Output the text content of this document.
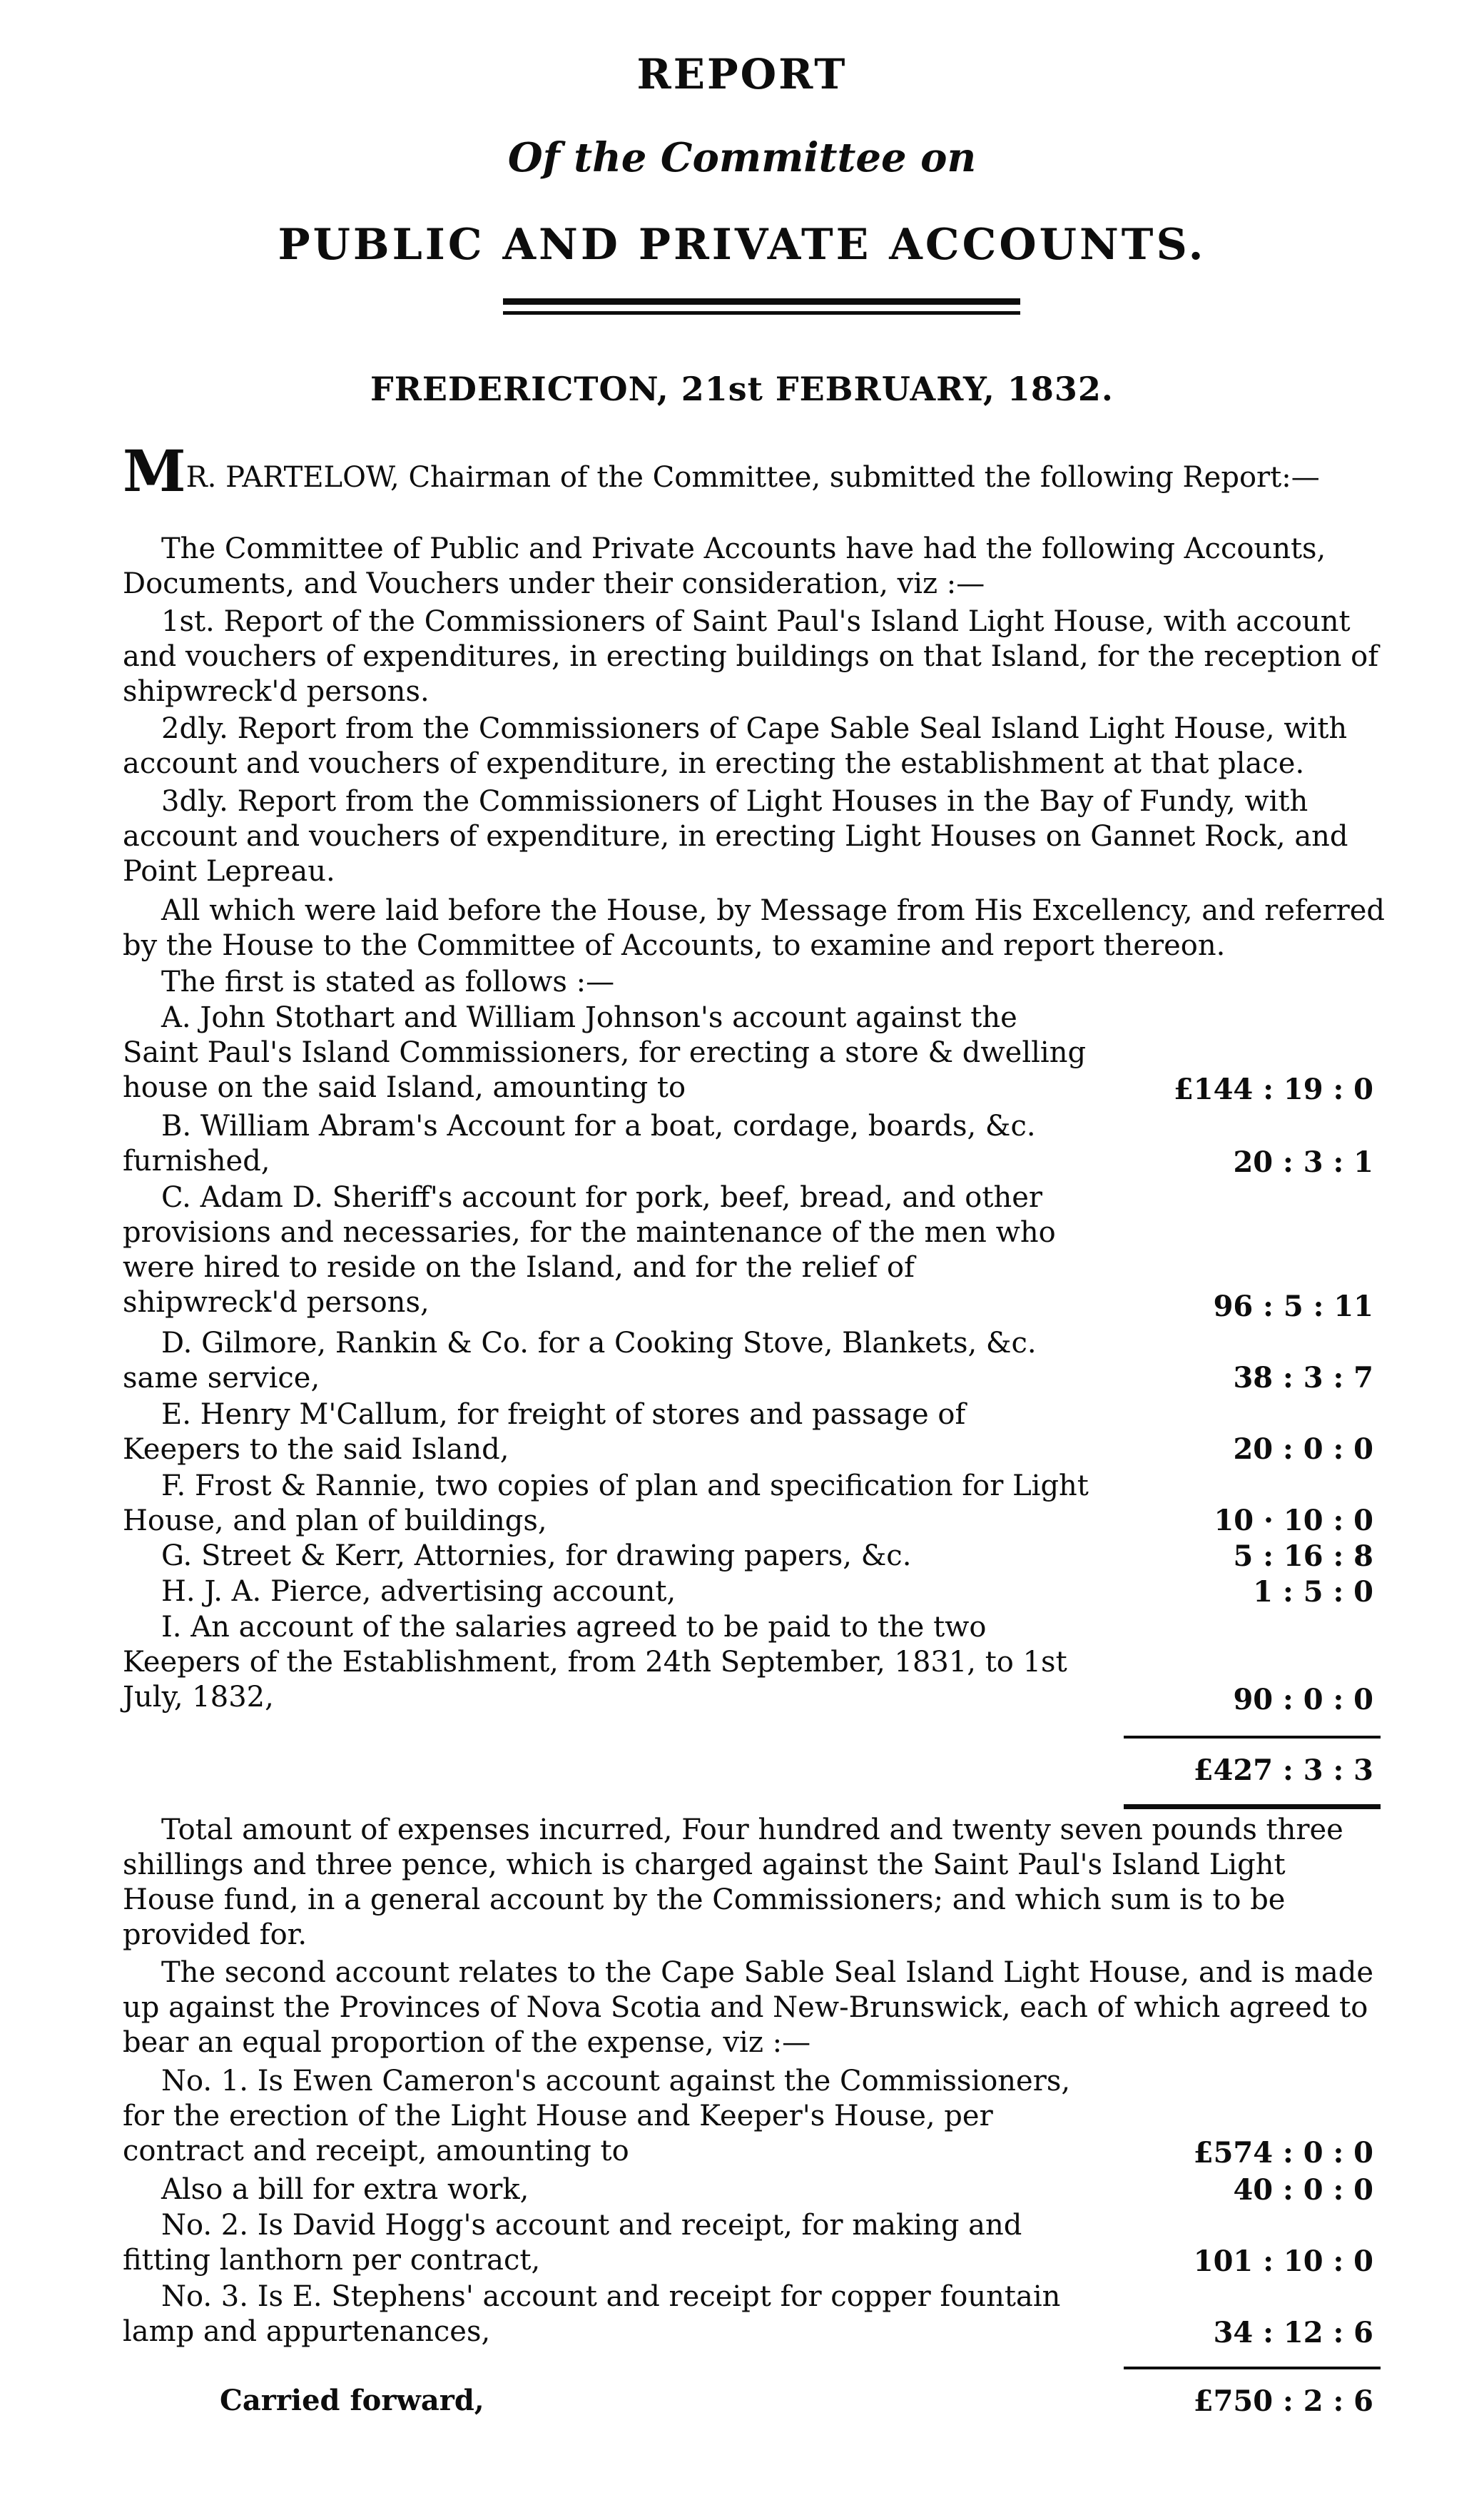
REPORT
Of the Committee on
PUBLIC AND PRIVATE ACCOUNTS.
FREDERICTON, 21st FEBRUARY, 1832.
MR. PARTELOW, Chairman of the Committee, submitted the following Report:—
The Committee of Public and Private Accounts have had the following Accounts, Documents, and Vouchers under their consideration, viz :—
1st. Report of the Commissioners of Saint Paul's Island Light House, with account and vouchers of expenditures, in erecting buildings on that Island, for the reception of shipwreck'd persons.
2dly. Report from the Commissioners of Cape Sable Seal Island Light House, with account and vouchers of expenditure, in erecting the establishment at that place.
3dly. Report from the Commissioners of Light Houses in the Bay of Fundy, with account and vouchers of expenditure, in erecting Light Houses on Gannet Rock, and Point Lepreau.
All which were laid before the House, by Message from His Excellency, and referred by the House to the Committee of Accounts, to examine and report thereon.
The first is stated as follows :—
A. John Stothart and William Johnson's account against the Saint Paul's Island Commissioners, for erecting a store & dwelling house on the said Island, amounting to	£144 : 19 : 0
B. William Abram's Account for a boat, cordage, boards, &c. furnished,	20 : 3 : 1
C. Adam D. Sheriff's account for pork, beef, bread, and other provisions and necessaries, for the maintenance of the men who were hired to reside on the Island, and for the relief of shipwreck'd persons,	96 : 5 : 11
D. Gilmore, Rankin & Co. for a Cooking Stove, Blankets, &c. same service,	38 : 3 : 7
E. Henry M'Callum, for freight of stores and passage of Keepers to the said Island,	20 : 0 : 0
F. Frost & Rannie, two copies of plan and specification for Light House, and plan of buildings,	10 · 10 : 0
G. Street & Kerr, Attornies, for drawing papers, &c.	5 : 16 : 8
H. J. A. Pierce, advertising account,	1 : 5 : 0
I. An account of the salaries agreed to be paid to the two Keepers of the Establishment, from 24th September, 1831, to 1st July, 1832,	90 : 0 : 0
£427 : 3 : 3
Total amount of expenses incurred, Four hundred and twenty seven pounds three shillings and three pence, which is charged against the Saint Paul's Island Light House fund, in a general account by the Commissioners; and which sum is to be provided for.
The second account relates to the Cape Sable Seal Island Light House, and is made up against the Provinces of Nova Scotia and New-Brunswick, each of which agreed to bear an equal proportion of the expense, viz :—
No. 1. Is Ewen Cameron's account against the Commissioners, for the erection of the Light House and Keeper's House, per contract and receipt, amounting to	£574 : 0 : 0
Also a bill for extra work,	40 : 0 : 0
No. 2. Is David Hogg's account and receipt, for making and fitting lanthorn per contract,	101 : 10 : 0
No. 3. Is E. Stephens' account and receipt for copper fountain lamp and appurtenances,	34 : 12 : 6
Carried forward,	£750 : 2 : 6
